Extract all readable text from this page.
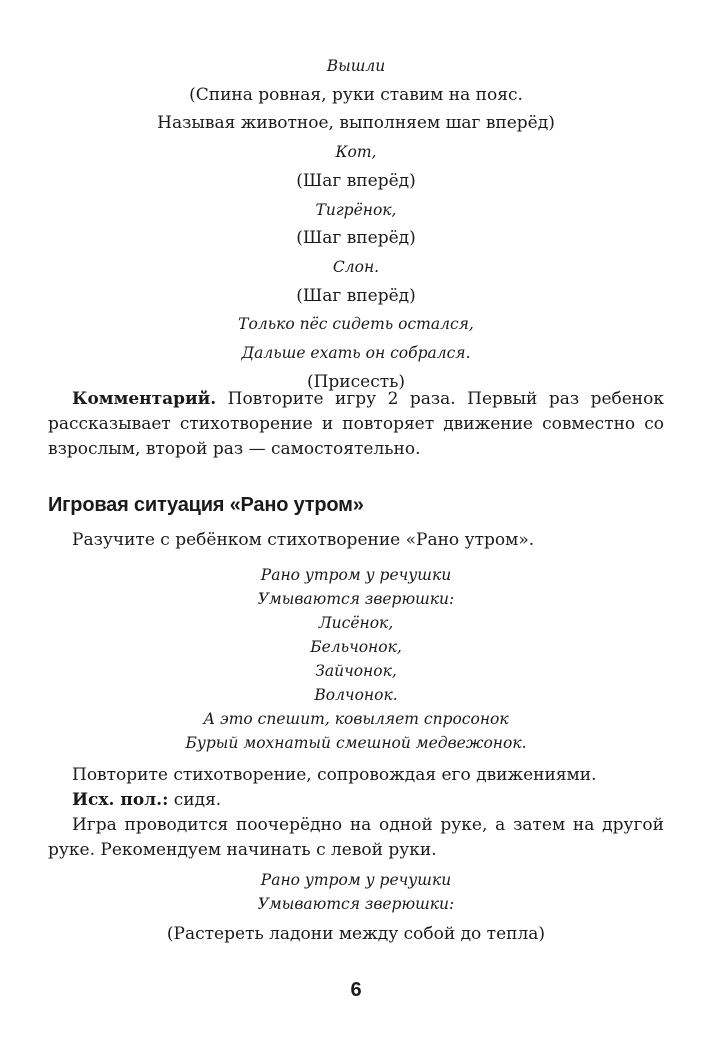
Вышли
(Спина ровная, руки ставим на пояс.
Называя животное, выполняем шаг вперёд)
Кот,
(Шаг вперёд)
Тигрёнок,
(Шаг вперёд)
Слон.
(Шаг вперёд)
Только пёс сидеть остался,
Дальше ехать он собрался.
(Присесть)
Комментарий. Повторите игру 2 раза. Первый раз ребенок рассказывает стихотворение и повторяет движение совместно со взрослым, второй раз — самостоятельно.
Игровая ситуация «Рано утром»
Разучите с ребёнком стихотворение «Рано утром».
Рано утром у речушки
Умываются зверюшки:
Лисёнок,
Бельчонок,
Зайчонок,
Волчонок.
А это спешит, ковыляет спросонок
Бурый мохнатый смешной медвежонок.
Повторите стихотворение, сопровождая его движениями.
Исх. пол.: сидя.
Игра проводится поочерёдно на одной руке, а затем на другой руке. Рекомендуем начинать с левой руки.
Рано утром у речушки
Умываются зверюшки:
(Растереть ладони между собой до тепла)
6
